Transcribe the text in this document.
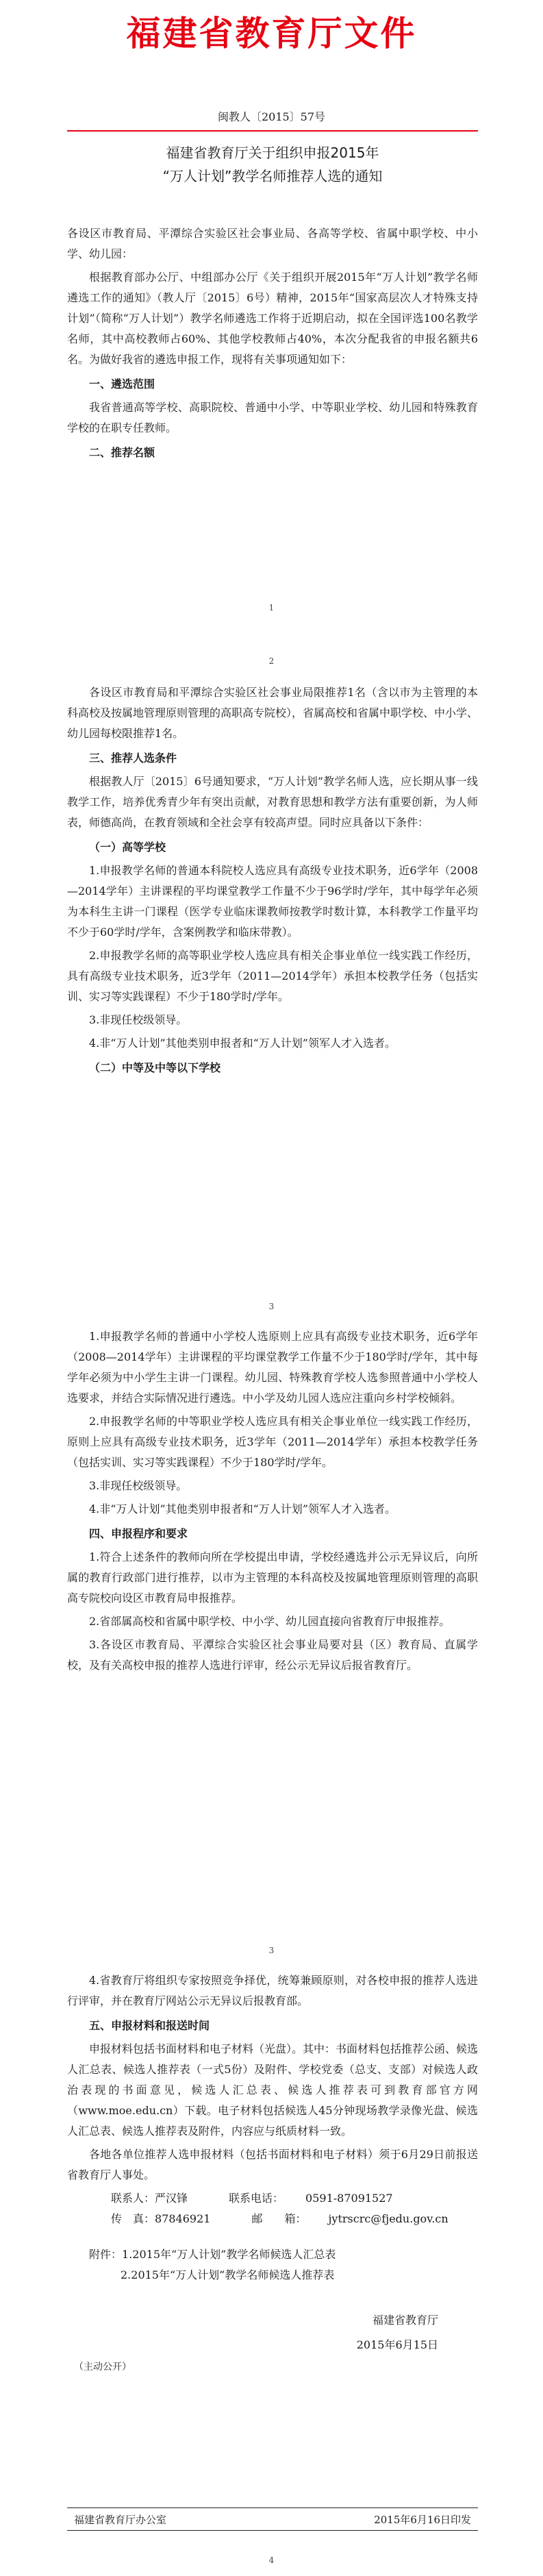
福建省教育厅文件
闽教人〔2015〕57号
福建省教育厅关于组织申报2015年
“万人计划”教学名师推荐人选的通知

各设区市教育局、平潭综合实验区社会事业局、各高等学校、省属中职学校、中小学、幼儿园：

根据教育部办公厅、中组部办公厅《关于组织开展2015年“万人计划”教学名师遴选工作的通知》（教人厅〔2015〕6号）精神，2015年“国家高层次人才特殊支持计划”（简称“万人计划”）教学名师遴选工作将于近期启动，拟在全国评选100名教学名师，其中高校教师占60%、其他学校教师占40%，本次分配我省的申报名额共6名。为做好我省的遴选申报工作，现将有关事项通知如下：

一、遴选范围

我省普通高等学校、高职院校、普通中小学、中等职业学校、幼儿园和特殊教育学校的在职专任教师。

二、推荐名额

1
2

各设区市教育局和平潭综合实验区社会事业局限推荐1名（含以市为主管理的本科高校及按属地管理原则管理的高职高专院校），省属高校和省属中职学校、中小学、幼儿园每校限推荐1名。

三、推荐人选条件

根据教人厅〔2015〕6号通知要求，“万人计划”教学名师人选，应长期从事一线教学工作，培养优秀青少年有突出贡献，对教育思想和教学方法有重要创新，为人师表，师德高尚，在教育领域和全社会享有较高声望。同时应具备以下条件：

（一）高等学校

1.申报教学名师的普通本科院校人选应具有高级专业技术职务，近6学年（2008—2014学年）主讲课程的平均课堂教学工作量不少于96学时/学年，其中每学年必须为本科生主讲一门课程（医学专业临床课教师按教学时数计算，本科教学工作量平均不少于60学时/学年，含案例教学和临床带教）。

2.申报教学名师的高等职业学校人选应具有相关企事业单位一线实践工作经历，具有高级专业技术职务，近3学年（2011—2014学年）承担本校教学任务（包括实训、实习等实践课程）不少于180学时/学年。

3.非现任校级领导。

4.非“万人计划”其他类别申报者和“万人计划”领军人才入选者。

（二）中等及中等以下学校

3

1.申报教学名师的普通中小学校人选原则上应具有高级专业技术职务，近6学年（2008—2014学年）主讲课程的平均课堂教学工作量不少于180学时/学年，其中每学年必须为中小学生主讲一门课程。幼儿园、特殊教育学校人选参照普通中小学校人选要求，并结合实际情况进行遴选。中小学及幼儿园人选应注重向乡村学校倾斜。

2.申报教学名师的中等职业学校人选应具有相关企事业单位一线实践工作经历，原则上应具有高级专业技术职务，近3学年（2011—2014学年）承担本校教学任务（包括实训、实习等实践课程）不少于180学时/学年。

3.非现任校级领导。

4.非“万人计划”其他类别申报者和“万人计划”领军人才入选者。

四、申报程序和要求

1.符合上述条件的教师向所在学校提出申请，学校经遴选并公示无异议后，向所属的教育行政部门进行推荐，以市为主管理的本科高校及按属地管理原则管理的高职高专院校向设区市教育局申报推荐。

2.省部属高校和省属中职学校、中小学、幼儿园直接向省教育厅申报推荐。

3.各设区市教育局、平潭综合实验区社会事业局要对县（区）教育局、直属学校，及有关高校申报的推荐人选进行评审，经公示无异议后报省教育厅。

3

4.省教育厅将组织专家按照竞争择优，统筹兼顾原则，对各校申报的推荐人选进行评审，并在教育厅网站公示无异议后报教育部。

五、申报材料和报送时间

申报材料包括书面材料和电子材料（光盘）。其中：书面材料包括推荐公函、候选人汇总表、候选人推荐表（一式5份）及附件、学校党委（总支、支部）对候选人政治表现的书面意见，候选人汇总表、候选人推荐表可到教育部官方网（www.moe.edu.cn）下载。电子材料包括候选人45分钟现场教学录像光盘、候选人汇总表、候选人推荐表及附件，内容应与纸质材料一致。

各地各单位推荐人选申报材料（包括书面材料和电子材料）须于6月29日前报送省教育厅人事处。

联系人：严汉锋	联系电话： 0591-87091527

传　真：87846921	邮　　箱： jytrscrc@fjedu.gov.cn

附件：1.2015年“万人计划”教学名师候选人汇总表

2.2015年“万人计划”教学名师候选人推荐表

福建省教育厅
2015年6月15日
（主动公开）
福建省教育厅办公室	2015年6月16日印发
4
